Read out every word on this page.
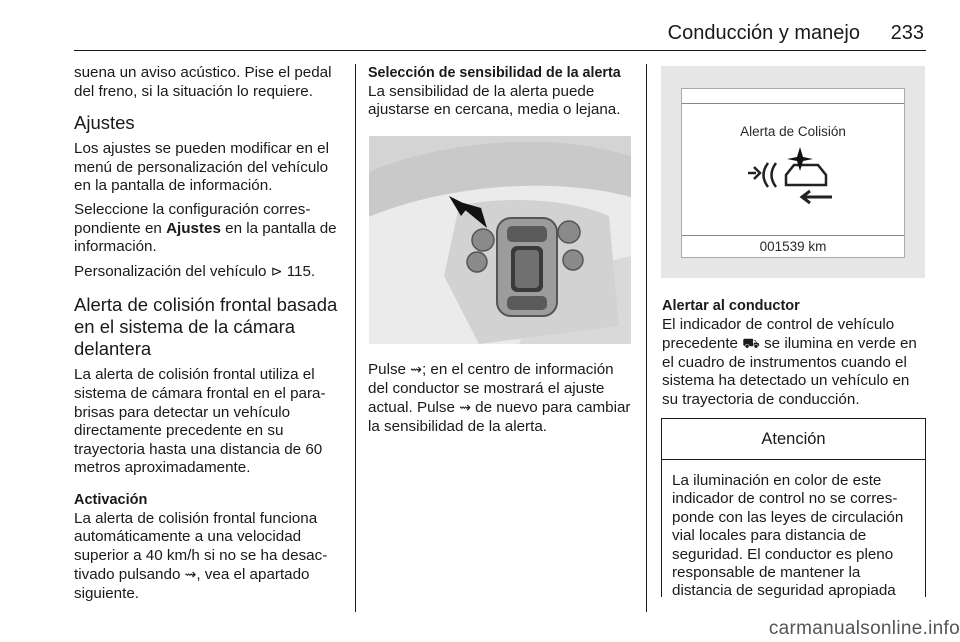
Conducción y manejo	233

suena un aviso acústico. Pise el pedal del freno, si la situación lo requiere.

Ajustes

Los ajustes se pueden modificar en el menú de personalización del vehículo en la pantalla de información.

Seleccione la configuración corres- pondiente en Ajustes en la pantalla de información.

Personalización del vehículo ⊳ 115.

Alerta de colisión frontal basada en el sistema de la cámara delantera

La alerta de colisión frontal utiliza el sistema de cámara frontal en el para- brisas para detectar un vehículo directamente precedente en su trayectoria hasta una distancia de 60 metros aproximadamente.

Activación

La alerta de colisión frontal funciona automáticamente a una velocidad superior a 40 km/h si no se ha desac- tivado pulsando ⇝, vea el apartado siguiente.

Selección de sensibilidad de la alerta

La sensibilidad de la alerta puede ajustarse en cercana, media o lejana.

Pulse ⇝; en el centro de información del conductor se mostrará el ajuste actual. Pulse ⇝ de nuevo para cambiar la sensibilidad de la alerta.

Alerta de Colisión
001539 km
Alertar al conductor

El indicador de control de vehículo precedente ⛟ se ilumina en verde en el cuadro de instrumentos cuando el sistema ha detectado un vehículo en su trayectoria de conducción.

Atención
La iluminación en color de este indicador de control no se corres- ponde con las leyes de circulación vial locales para distancia de seguridad. El conductor es pleno responsable de mantener la distancia de seguridad apropiada
carmanualsonline.info
